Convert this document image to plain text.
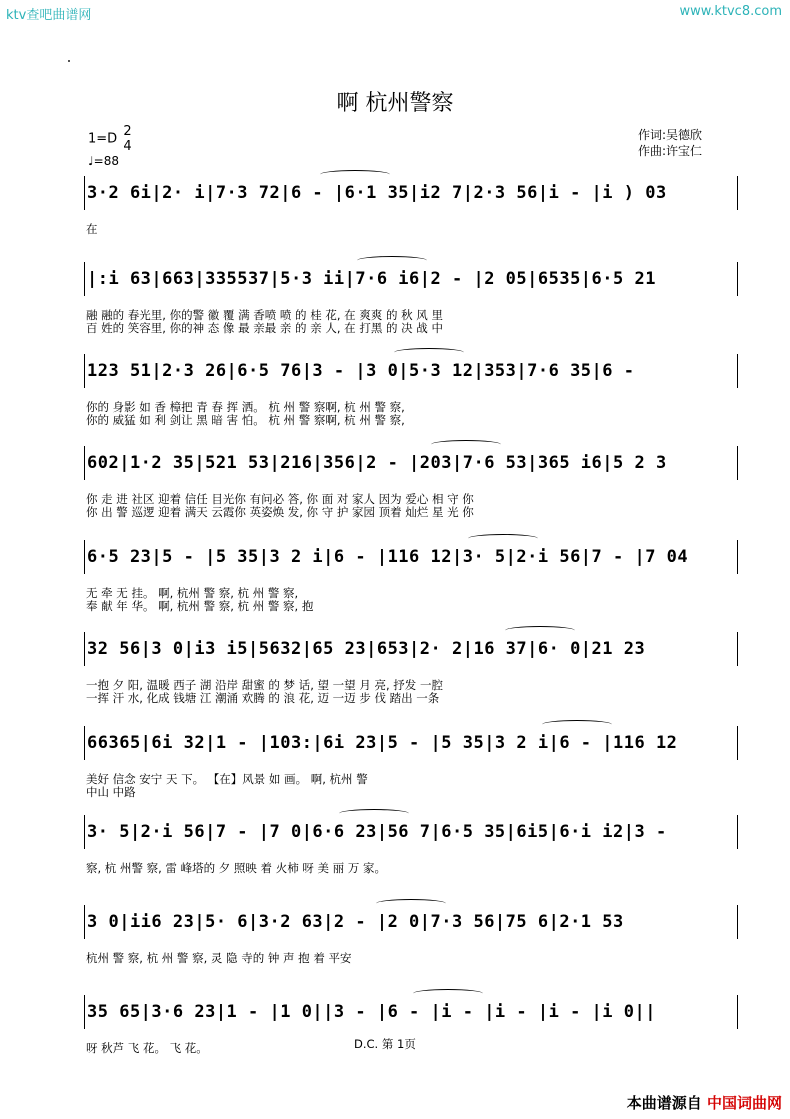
ktv查吧曲谱网	www.ktvc8.com
啊 杭州警察
1=D 2
4
♩=88
作词:吴德欣
作曲:许宝仁
3·2 6i|2· i|7·3 72|6 - |6·1 35|i2 7|2·3 56|i - |i ) 03
在
|:i 63|663|335537|5·3 ii|7·6 i6|2 - |2 05|6535|6·5 21
融 融的 春光里, 你的警 徽 覆 满 香喷 喷 的 桂 花, 在 爽爽 的 秋 风 里
百 姓的 笑容里, 你的神 态 像 最 亲最 亲 的 亲 人, 在 打黑 的 决 战 中
123 51|2·3 26|6·5 76|3 - |3 0|5·3 12|353|7·6 35|6 -
你的 身影 如 香 樟把 青 春 挥 洒。 杭 州 警 察啊, 杭 州 警 察,
你的 威猛 如 利 剑让 黑 暗 害 怕。 杭 州 警 察啊, 杭 州 警 察,
602|1·2 35|521 53|216|356|2 - |203|7·6 53|365 i6|5 2 3
你 走 进 社区 迎着 信任 目光你 有问必 答, 你 面 对 家人 因为 爱心 相 守 你
你 出 警 巡逻 迎着 满天 云霞你 英姿焕 发, 你 守 护 家园 顶着 灿烂 星 光 你
6·5 23|5 - |5 35|3 2 i|6 - |116 12|3· 5|2·i 56|7 - |7 04
无 牵 无 挂。 啊, 杭州 警 察, 杭 州 警 察,
奉 献 年 华。 啊, 杭州 警 察, 杭 州 警 察, 抱
32 56|3 0|i3 i5|5632|65 23|653|2· 2|16 37|6· 0|21 23
一抱 夕 阳, 温暖 西子 湖 沿岸 甜蜜 的 梦 话, 望 一望 月 亮, 抒发 一腔
一挥 汗 水, 化成 钱塘 江 潮涌 欢腾 的 浪 花, 迈 一迈 步 伐 踏出 一条
66365|6i 32|1 - |103:|6i 23|5 - |5 35|3 2 i|6 - |116 12
美好 信念 安宁 天 下。 【在】风景 如 画。 啊, 杭州 警
中山 中路
3· 5|2·i 56|7 - |7 0|6·6 23|56 7|6·5 35|6i5|6·i i2|3 -
察, 杭 州警 察, 雷 峰塔的 夕 照映 着 火柿 呀 美 丽 万 家。
3 0|ii6 23|5· 6|3·2 63|2 - |2 0|7·3 56|75 6|2·1 53
杭州 警 察, 杭 州 警 察, 灵 隐 寺的 钟 声 抱 着 平安
35 65|3·6 23|1 - |1 0||3 - |6 - |i - |i - |i - |i 0||
呀 秋芦 飞 花。 飞 花。	D.C. 第 1页
本曲谱源自 中国词曲网
